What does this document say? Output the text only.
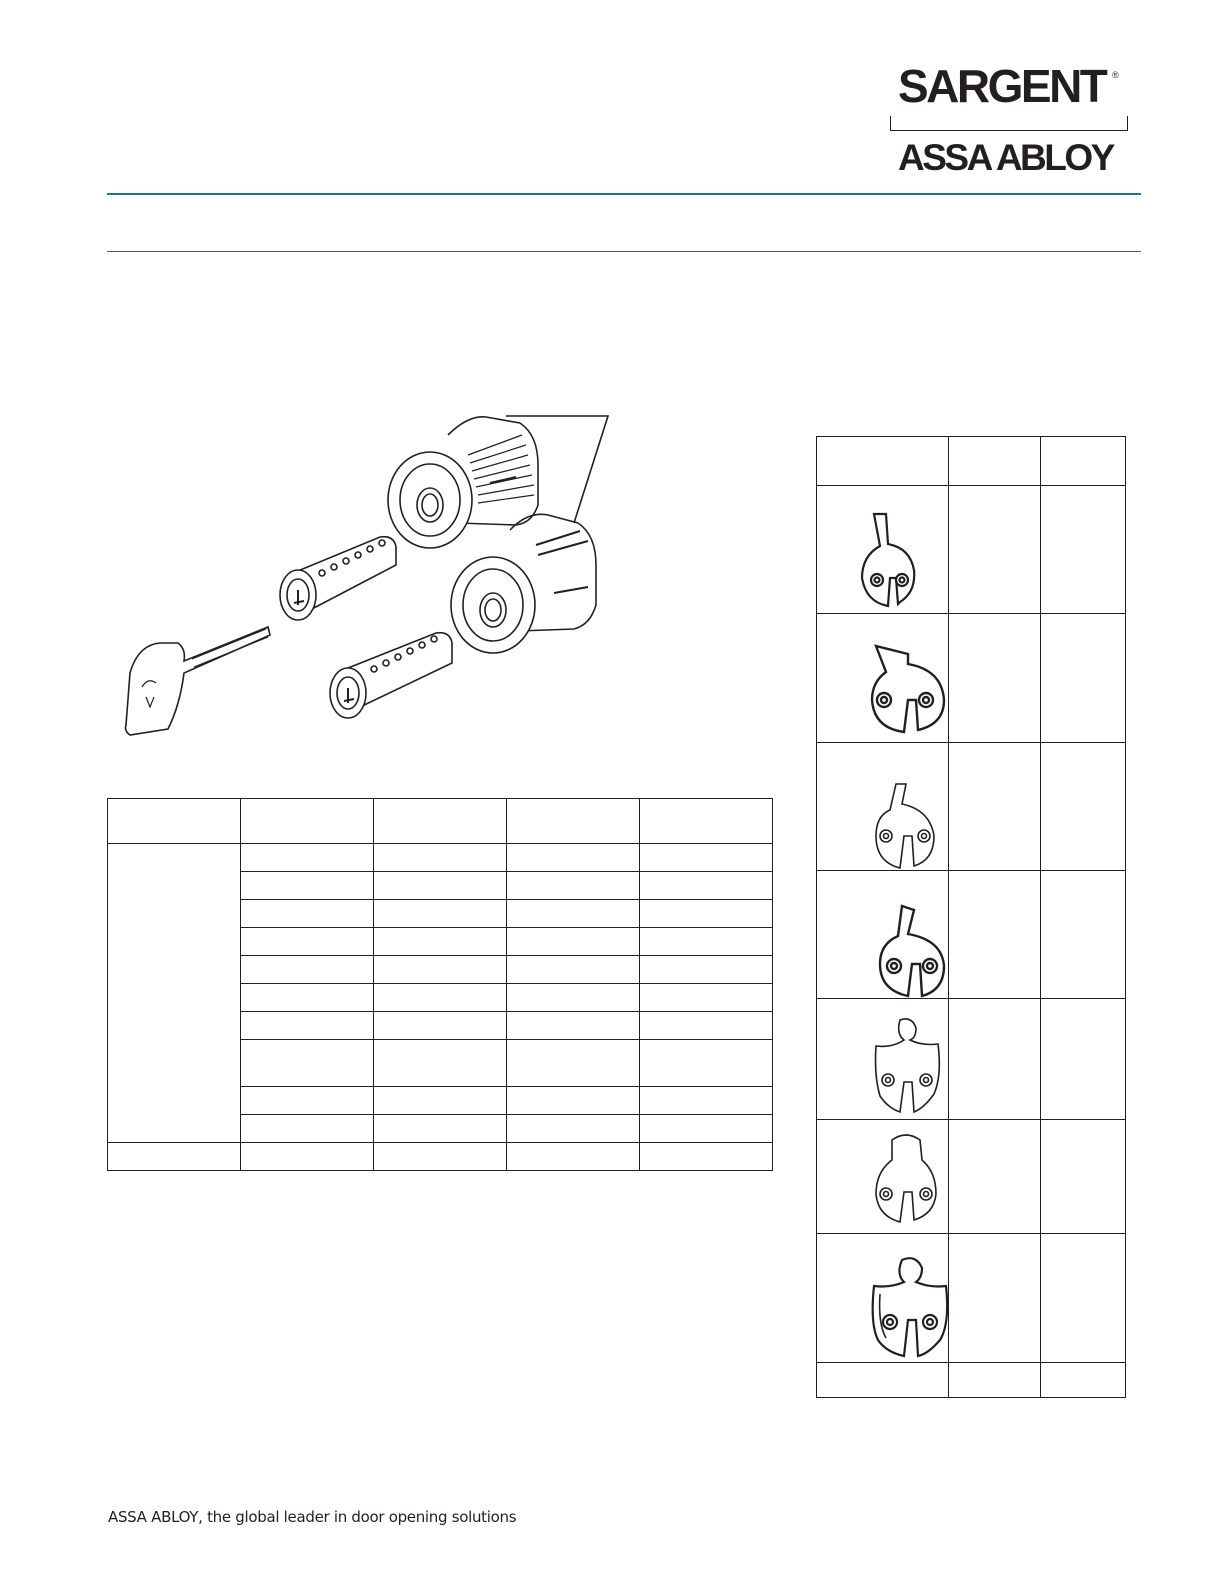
SARGENT ®
ASSA ABLOY
ASSA ABLOY, the global leader in door opening solutions
